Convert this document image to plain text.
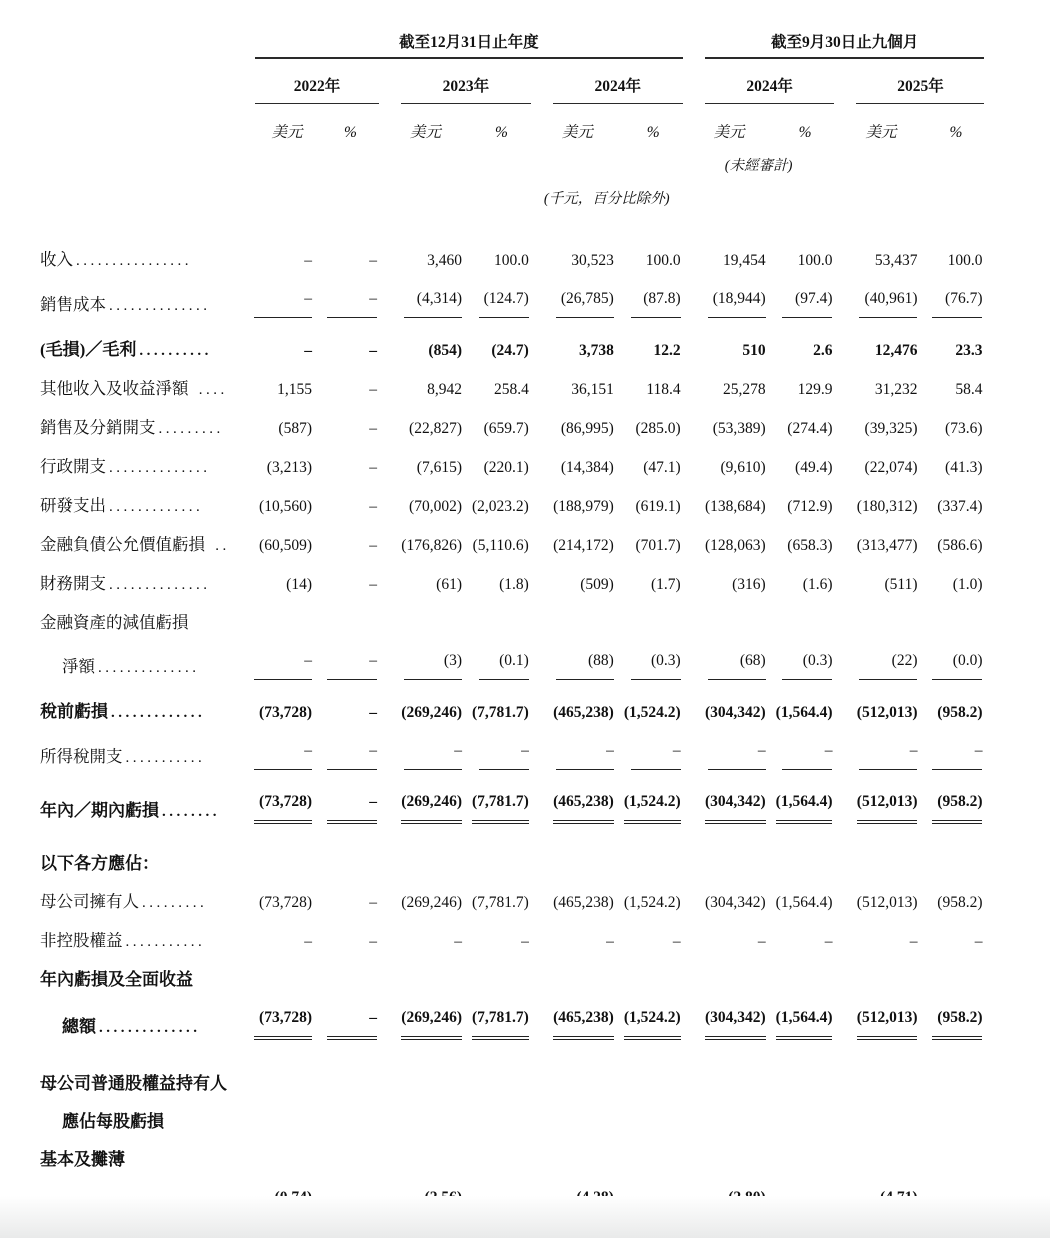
	截至12月31日止年度						截至9月30日止九個月			

	2022年		2023年		2024年		2024年		2025年	

	美元	%	美元	%	美元	%	美元	%	美元	%
							(未經審計)			
					(千元，百分比除外)					
收入 ................	–	–	3,460	100.0	30,523	100.0	19,454	100.0	53,437	100.0
銷售成本 ..............	–	–	(4,314)	(124.7)	(26,785)	(87.8)	(18,944)	(97.4)	(40,961)	(76.7)
(毛損)／毛利 ..........	–	–	(854)	(24.7)	3,738	12.2	510	2.6	12,476	23.3
其他收入及收益淨額 ....	1,155	–	8,942	258.4	36,151	118.4	25,278	129.9	31,232	58.4
銷售及分銷開支 .........	(587)	–	(22,827)	(659.7)	(86,995)	(285.0)	(53,389)	(274.4)	(39,325)	(73.6)
行政開支 ..............	(3,213)	–	(7,615)	(220.1)	(14,384)	(47.1)	(9,610)	(49.4)	(22,074)	(41.3)
研發支出 .............	(10,560)	–	(70,002)	(2,023.2)	(188,979)	(619.1)	(138,684)	(712.9)	(180,312)	(337.4)
金融負債公允價值虧損 ..	(60,509)	–	(176,826)	(5,110.6)	(214,172)	(701.7)	(128,063)	(658.3)	(313,477)	(586.6)
財務開支 ..............	(14)	–	(61)	(1.8)	(509)	(1.7)	(316)	(1.6)	(511)	(1.0)
金融資產的減值虧損										
淨額 ..............	–	–	(3)	(0.1)	(88)	(0.3)	(68)	(0.3)	(22)	(0.0)
稅前虧損 .............	(73,728)	–	(269,246)	(7,781.7)	(465,238)	(1,524.2)	(304,342)	(1,564.4)	(512,013)	(958.2)
所得稅開支 ...........	–	–	–	–	–	–	–	–	–	–
年內／期內虧損 ........	(73,728)	–	(269,246)	(7,781.7)	(465,238)	(1,524.2)	(304,342)	(1,564.4)	(512,013)	(958.2)
以下各方應佔：										
母公司擁有人 .........	(73,728)	–	(269,246)	(7,781.7)	(465,238)	(1,524.2)	(304,342)	(1,564.4)	(512,013)	(958.2)
非控股權益 ...........	–	–	–	–	–	–	–	–	–	–
年內虧損及全面收益										
總額 ..............	(73,728)	–	(269,246)	(7,781.7)	(465,238)	(1,524.2)	(304,342)	(1,564.4)	(512,013)	(958.2)
母公司普通股權益持有人										
應佔每股虧損										
基本及攤薄										
